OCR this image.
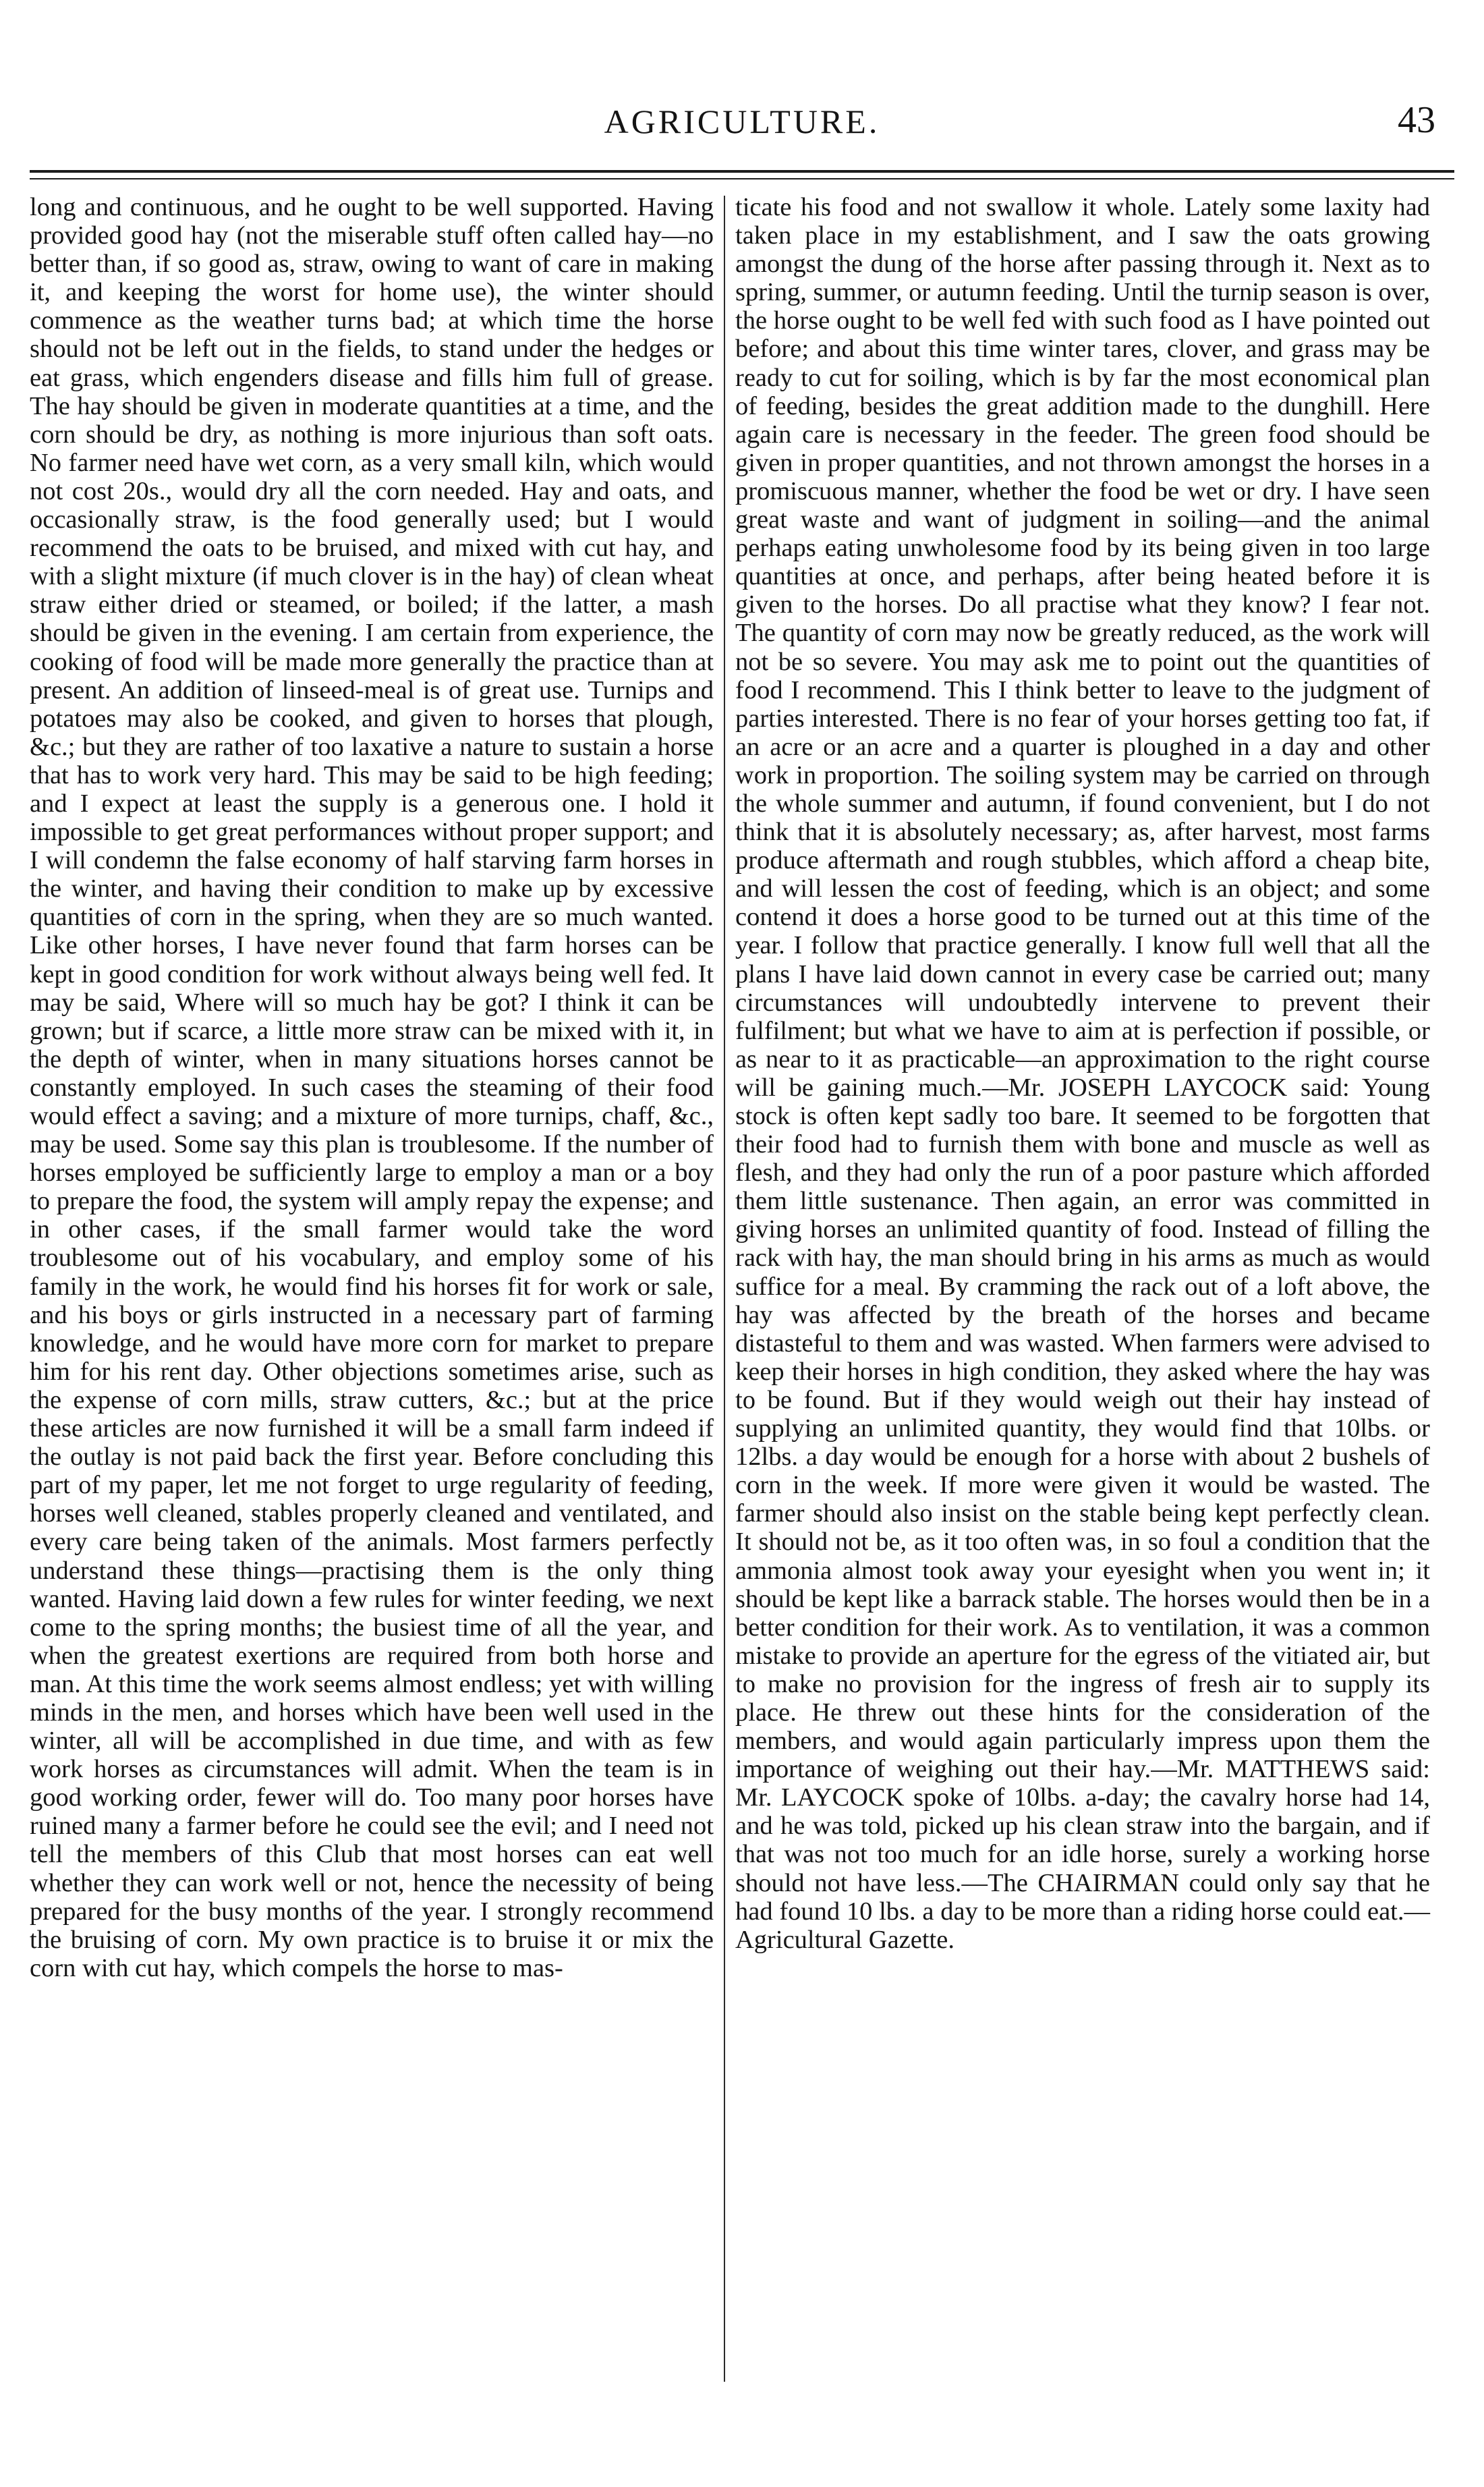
AGRICULTURE.	43

long and continuous, and he ought to be well supported. Having provided good hay (not the miserable stuff often called hay—no better than, if so good as, straw, owing to want of care in making it, and keeping the worst for home use), the winter should commence as the weather turns bad; at which time the horse should not be left out in the fields, to stand under the hedges or eat grass, which engenders disease and fills him full of grease. The hay should be given in moderate quantities at a time, and the corn should be dry, as nothing is more injurious than soft oats. No farmer need have wet corn, as a very small kiln, which would not cost 20s., would dry all the corn needed. Hay and oats, and occasionally straw, is the food generally used; but I would recommend the oats to be bruised, and mixed with cut hay, and with a slight mixture (if much clover is in the hay) of clean wheat straw either dried or steamed, or boiled; if the latter, a mash should be given in the evening. I am certain from experience, the cooking of food will be made more generally the practice than at present. An addition of linseed-meal is of great use. Turnips and potatoes may also be cooked, and given to horses that plough, &c.; but they are rather of too laxative a nature to sustain a horse that has to work very hard. This may be said to be high feeding; and I expect at least the supply is a generous one. I hold it impossible to get great performances without proper support; and I will condemn the false economy of half starving farm horses in the winter, and having their condition to make up by excessive quantities of corn in the spring, when they are so much wanted. Like other horses, I have never found that farm horses can be kept in good condition for work without always being well fed. It may be said, Where will so much hay be got? I think it can be grown; but if scarce, a little more straw can be mixed with it, in the depth of winter, when in many situations horses cannot be constantly employed. In such cases the steaming of their food would effect a saving; and a mixture of more turnips, chaff, &c., may be used. Some say this plan is troublesome. If the number of horses employed be sufficiently large to employ a man or a boy to prepare the food, the system will amply repay the expense; and in other cases, if the small farmer would take the word troublesome out of his vocabulary, and employ some of his family in the work, he would find his horses fit for work or sale, and his boys or girls instructed in a necessary part of farming knowledge, and he would have more corn for market to prepare him for his rent day. Other objections sometimes arise, such as the expense of corn mills, straw cutters, &c.; but at the price these articles are now furnished it will be a small farm indeed if the outlay is not paid back the first year. Before concluding this part of my paper, let me not forget to urge regularity of feeding, horses well cleaned, stables properly cleaned and ventilated, and every care being taken of the animals. Most farmers perfectly understand these things—practising them is the only thing wanted. Having laid down a few rules for winter feeding, we next come to the spring months; the busiest time of all the year, and when the greatest exertions are required from both horse and man. At this time the work seems almost endless; yet with willing minds in the men, and horses which have been well used in the winter, all will be accomplished in due time, and with as few work horses as circumstances will admit. When the team is in good working order, fewer will do. Too many poor horses have ruined many a farmer before he could see the evil; and I need not tell the members of this Club that most horses can eat well whether they can work well or not, hence the necessity of being prepared for the busy months of the year. I strongly recommend the bruising of corn. My own practice is to bruise it or mix the corn with cut hay, which compels the horse to mas-

ticate his food and not swallow it whole. Lately some laxity had taken place in my establishment, and I saw the oats growing amongst the dung of the horse after passing through it. Next as to spring, summer, or autumn feeding. Until the turnip season is over, the horse ought to be well fed with such food as I have pointed out before; and about this time winter tares, clover, and grass may be ready to cut for soiling, which is by far the most economical plan of feeding, besides the great addition made to the dunghill. Here again care is necessary in the feeder. The green food should be given in proper quantities, and not thrown amongst the horses in a promiscuous manner, whether the food be wet or dry. I have seen great waste and want of judgment in soiling—and the animal perhaps eating unwholesome food by its being given in too large quantities at once, and perhaps, after being heated before it is given to the horses. Do all practise what they know? I fear not. The quantity of corn may now be greatly reduced, as the work will not be so severe. You may ask me to point out the quantities of food I recommend. This I think better to leave to the judgment of parties interested. There is no fear of your horses getting too fat, if an acre or an acre and a quarter is ploughed in a day and other work in proportion. The soiling system may be carried on through the whole summer and autumn, if found convenient, but I do not think that it is absolutely necessary; as, after harvest, most farms produce aftermath and rough stubbles, which afford a cheap bite, and will lessen the cost of feeding, which is an object; and some contend it does a horse good to be turned out at this time of the year. I follow that practice generally. I know full well that all the plans I have laid down cannot in every case be carried out; many circumstances will undoubtedly intervene to prevent their fulfilment; but what we have to aim at is perfection if possible, or as near to it as practicable—an approximation to the right course will be gaining much.—Mr. JOSEPH LAYCOCK said: Young stock is often kept sadly too bare. It seemed to be forgotten that their food had to furnish them with bone and muscle as well as flesh, and they had only the run of a poor pasture which afforded them little sustenance. Then again, an error was committed in giving horses an unlimited quantity of food. Instead of filling the rack with hay, the man should bring in his arms as much as would suffice for a meal. By cramming the rack out of a loft above, the hay was affected by the breath of the horses and became distasteful to them and was wasted. When farmers were advised to keep their horses in high condition, they asked where the hay was to be found. But if they would weigh out their hay instead of supplying an unlimited quantity, they would find that 10lbs. or 12lbs. a day would be enough for a horse with about 2 bushels of corn in the week. If more were given it would be wasted. The farmer should also insist on the stable being kept perfectly clean. It should not be, as it too often was, in so foul a condition that the ammonia almost took away your eyesight when you went in; it should be kept like a barrack stable. The horses would then be in a better condition for their work. As to ventilation, it was a common mistake to provide an aperture for the egress of the vitiated air, but to make no provision for the ingress of fresh air to supply its place. He threw out these hints for the consideration of the members, and would again particularly impress upon them the importance of weighing out their hay.—Mr. MATTHEWS said: Mr. LAYCOCK spoke of 10lbs. a-day; the cavalry horse had 14, and he was told, picked up his clean straw into the bargain, and if that was not too much for an idle horse, surely a working horse should not have less.—The CHAIRMAN could only say that he had found 10 lbs. a day to be more than a riding horse could eat.—Agricultural Gazette.
